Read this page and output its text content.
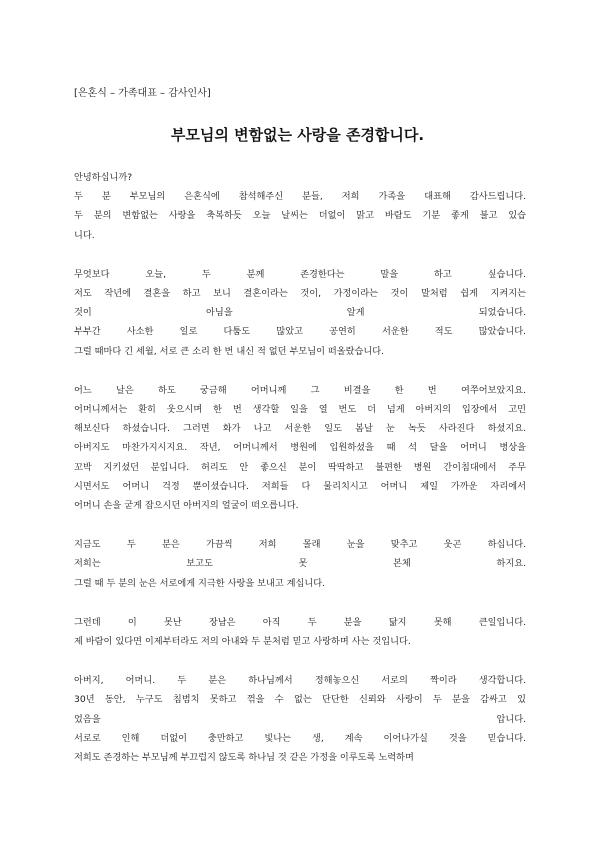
[은혼식 – 가족대표 – 감사인사]
부모님의 변함없는 사랑을 존경합니다.
안녕하십니까?
두 분 부모님의 은혼식에 참석해주신 분들, 저희 가족을 대표해 감사드립니다.
두 분의 변함없는 사랑을 축복하듯 오늘 날씨는 더없이 맑고 바람도 기분 좋게 불고 있습
니다.
무엇보다 오늘, 두 분께 존경한다는 말을 하고 싶습니다.
저도 작년에 결혼을 하고 보니 결혼이라는 것이, 가정이라는 것이 말처럼 쉽게 지켜지는
것이 아님을 알게 되었습니다.
부부간 사소한 일로 다툼도 많았고 공연히 서운한 적도 많았습니다.
그럴 때마다 긴 세월, 서로 큰 소리 한 번 내신 적 없던 부모님이 떠올랐습니다.
어느 날은 하도 궁금해 어머니께 그 비결을 한 번 여쭈어보았지요.
어머니께서는 환히 웃으시며 한 번 생각할 일을 열 번도 더 넘게 아버지의 입장에서 고민
해보신다 하셨습니다. 그러면 화가 나고 서운한 일도 봄날 눈 녹듯 사라진다 하셨지요.
아버지도 마찬가지시지요. 작년, 어머니께서 병원에 입원하셨을 때 석 달을 어머니 병상을
꼬박 지키셨던 분입니다. 허리도 안 좋으신 분이 딱딱하고 불편한 병원 간이침대에서 주무
시면서도 어머니 걱정 뿐이셨습니다. 저희들 다 물리치시고 어머니 제일 가까운 자리에서
어머니 손을 굳게 잡으시던 아버지의 얼굴이 떠오릅니다.
지금도 두 분은 가끔씩 저희 몰래 눈을 맞추고 웃곤 하십니다.
저희는 보고도 못 본체 하지요.
그럴 때 두 분의 눈은 서로에게 지극한 사랑을 보내고 계십니다.
그런데 이 못난 장남은 아직 두 분을 닮지 못해 큰일입니다.
제 바람이 있다면 이제부터라도 저의 아내와 두 분처럼 믿고 사랑하며 사는 것입니다.
아버지, 어머니. 두 분은 하나님께서 정해놓으신 서로의 짝이라 생각합니다.
30년 동안, 누구도 침범치 못하고 꺾을 수 없는 단단한 신뢰와 사랑이 두 분을 감싸고 있
었음을 압니다.
서로로 인해 더없이 충만하고 빛나는 생, 계속 이어나가실 것을 믿습니다.
저희도 존경하는 부모님께 부끄럽지 않도록 하나님 것 같은 가정을 이루도록 노력하며
